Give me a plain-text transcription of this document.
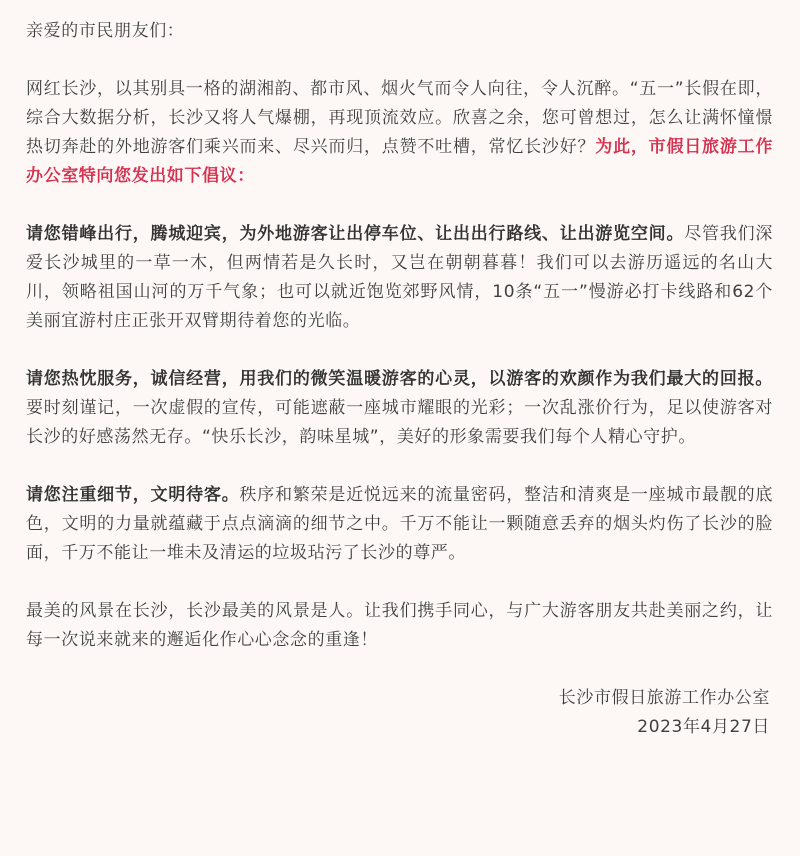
亲爱的市民朋友们：

网红长沙，以其别具一格的湖湘韵、都市风、烟火气而令人向往，令人沉醉。“五一”长假在即，综合大数据分析，长沙又将人气爆棚，再现顶流效应。欣喜之余，您可曾想过，怎么让满怀憧憬热切奔赴的外地游客们乘兴而来、尽兴而归，点赞不吐槽，常忆长沙好？为此，市假日旅游工作办公室特向您发出如下倡议：

请您错峰出行，腾城迎宾，为外地游客让出停车位、让出出行路线、让出游览空间。尽管我们深爱长沙城里的一草一木，但两情若是久长时，又岂在朝朝暮暮！我们可以去游历遥远的名山大川，领略祖国山河的万千气象；也可以就近饱览郊野风情，10条“五一”慢游必打卡线路和62个美丽宜游村庄正张开双臂期待着您的光临。

请您热忱服务，诚信经营，用我们的微笑温暖游客的心灵，以游客的欢颜作为我们最大的回报。要时刻谨记，一次虚假的宣传，可能遮蔽一座城市耀眼的光彩；一次乱涨价行为，足以使游客对长沙的好感荡然无存。“快乐长沙，韵味星城”，美好的形象需要我们每个人精心守护。

请您注重细节，文明待客。秩序和繁荣是近悦远来的流量密码，整洁和清爽是一座城市最靓的底色，文明的力量就蕴藏于点点滴滴的细节之中。千万不能让一颗随意丢弃的烟头灼伤了长沙的脸面，千万不能让一堆未及清运的垃圾玷污了长沙的尊严。

最美的风景在长沙，长沙最美的风景是人。让我们携手同心，与广大游客朋友共赴美丽之约，让每一次说来就来的邂逅化作心心念念的重逢！

长沙市假日旅游工作办公室

2023年4月27日
